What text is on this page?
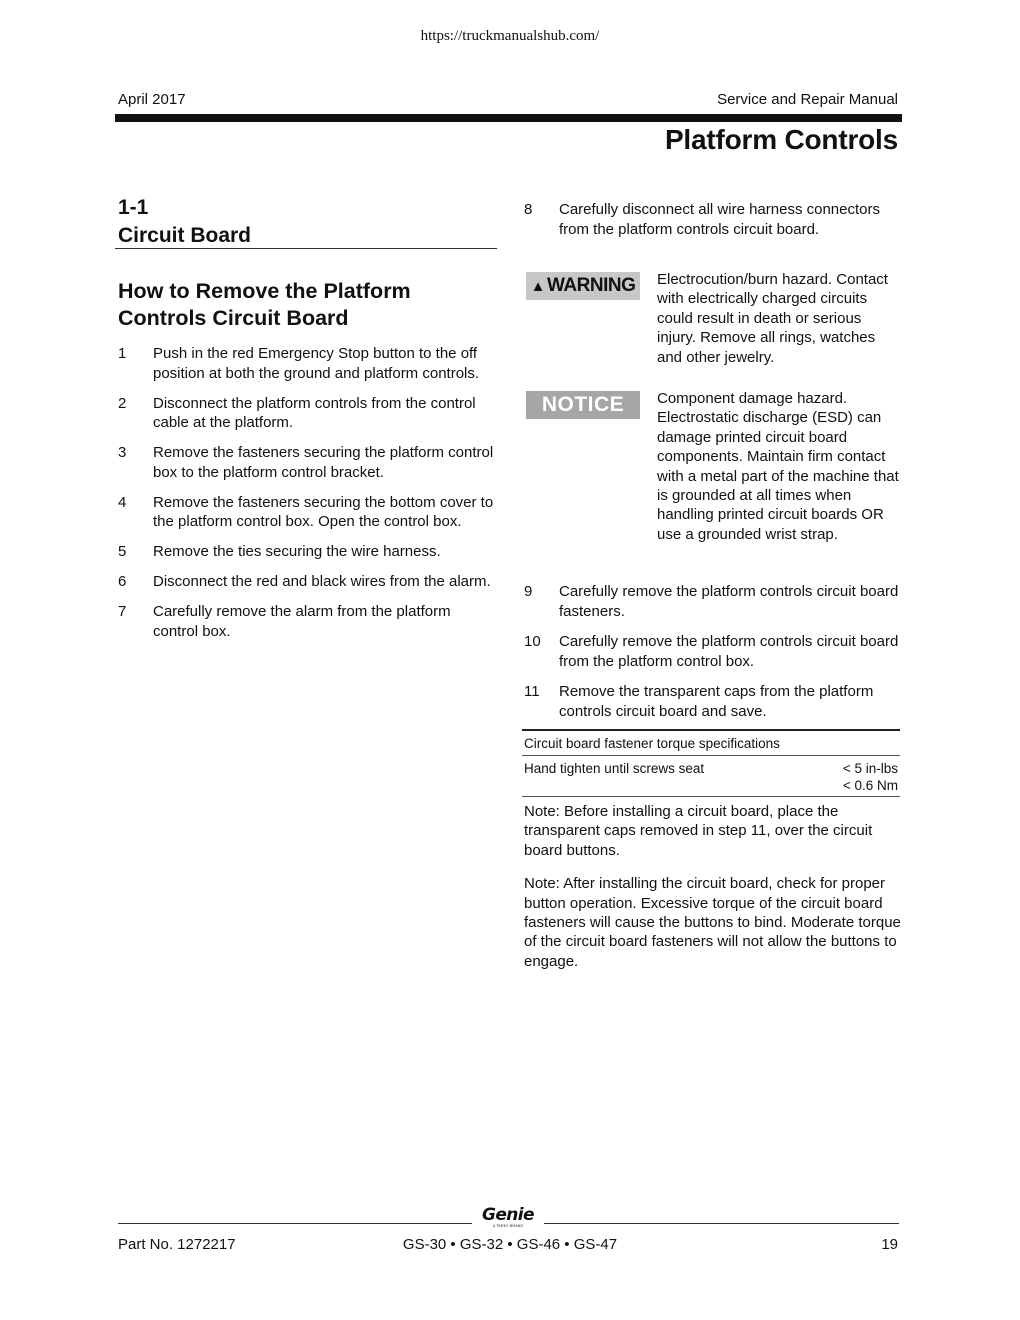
https://truckmanualshub.com/
April 2017	Service and Repair Manual
Platform Controls

1-1

Circuit Board

How to Remove the Platform Controls Circuit Board
1	Push in the red Emergency Stop button to the off position at both the ground and platform controls.
2	Disconnect the platform controls from the control cable at the platform.
3	Remove the fasteners securing the platform control box to the platform control bracket.
4	Remove the fasteners securing the bottom cover to the platform control box. Open the control box.
5	Remove the ties securing the wire harness.
6	Disconnect the red and black wires from the alarm.
7	Carefully remove the alarm from the platform control box.
8	Carefully disconnect all wire harness connectors from the platform controls circuit board.
▲ WARNING Electrocution/burn hazard. Contact with electrically charged circuits could result in death or serious injury. Remove all rings, watches and other jewelry.
NOTICE	Component damage hazard. Electrostatic discharge (ESD) can damage printed circuit board components. Maintain firm contact with a metal part of the machine that is grounded at all times when handling printed circuit boards OR use a grounded wrist strap.
9	Carefully remove the platform controls circuit board fasteners.
10	Carefully remove the platform controls circuit board from the platform control box.
11	Remove the transparent caps from the platform controls circuit board and save.
Circuit board fastener torque specifications
Hand tighten until screws seat	< 5 in-lbs
< 0.6 Nm

Note: Before installing a circuit board, place the transparent caps removed in step 11, over the circuit board buttons.

Note: After installing the circuit board, check for proper button operation. Excessive torque of the circuit board fasteners will cause the buttons to bind. Moderate torque of the circuit board fasteners will not allow the buttons to engage.

Genie
A TEREX BRAND
Part No. 1272217	GS-30 • GS-32 • GS-46 • GS-47	19
